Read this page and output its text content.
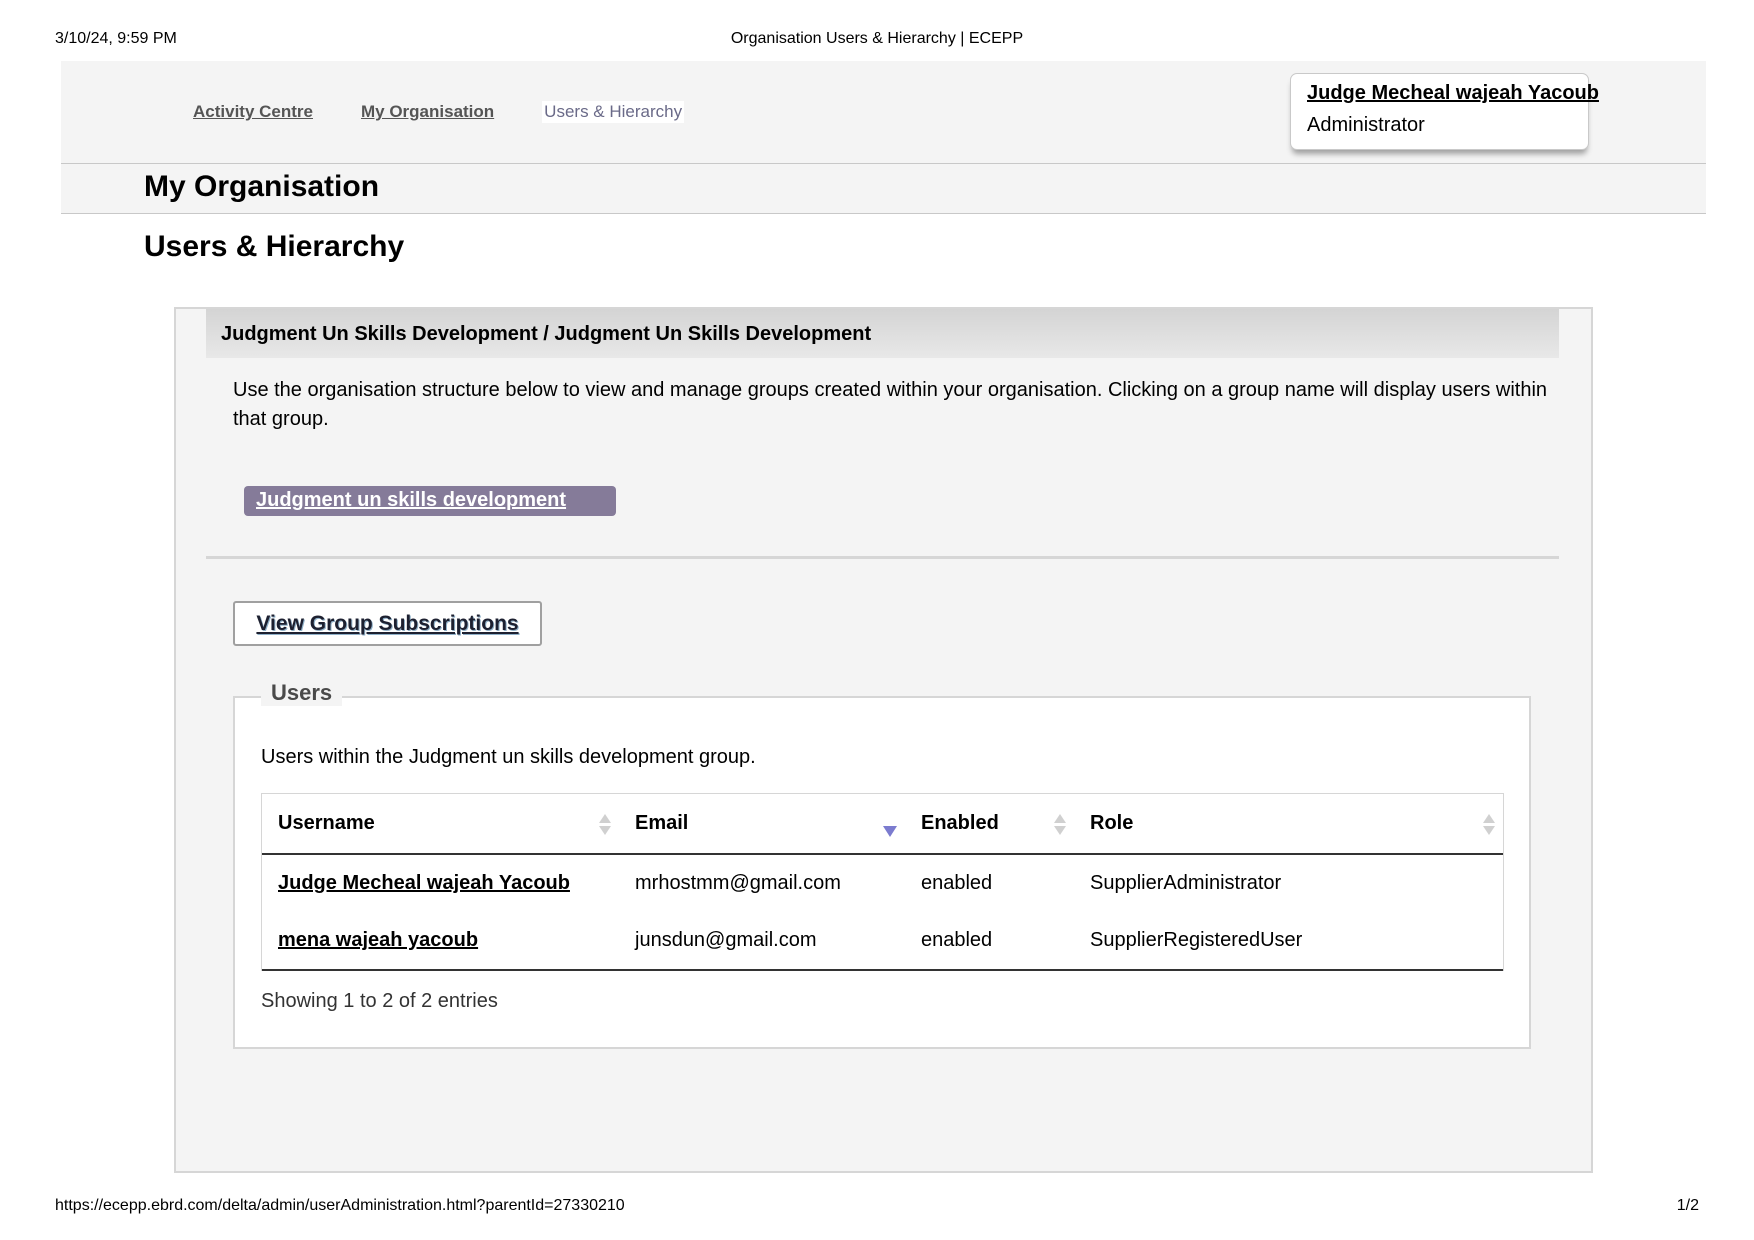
3/10/24, 9:59 PM	Organisation Users & Hierarchy | ECEPP
Activity Centre	My Organisation	Users & Hierarchy
Judge Mecheal wajeah Yacoub
Administrator
My Organisation
Users & Hierarchy
Judgment Un Skills Development / Judgment Un Skills Development

Use the organisation structure below to view and manage groups created within your organisation. Clicking on a group name will display users within that group.

Judgment un skills development
View Group Subscriptions
Users

Users within the Judgment un skills development group.

Username	Email	Enabled	Role

Judge Mecheal wajeah Yacoub	mrhostmm@gmail.com	enabled	SupplierAdministrator
mena wajeah yacoub	junsdun@gmail.com	enabled	SupplierRegisteredUser
Showing 1 to 2 of 2 entries
https://ecepp.ebrd.com/delta/admin/userAdministration.html?parentId=27330210	1/2
